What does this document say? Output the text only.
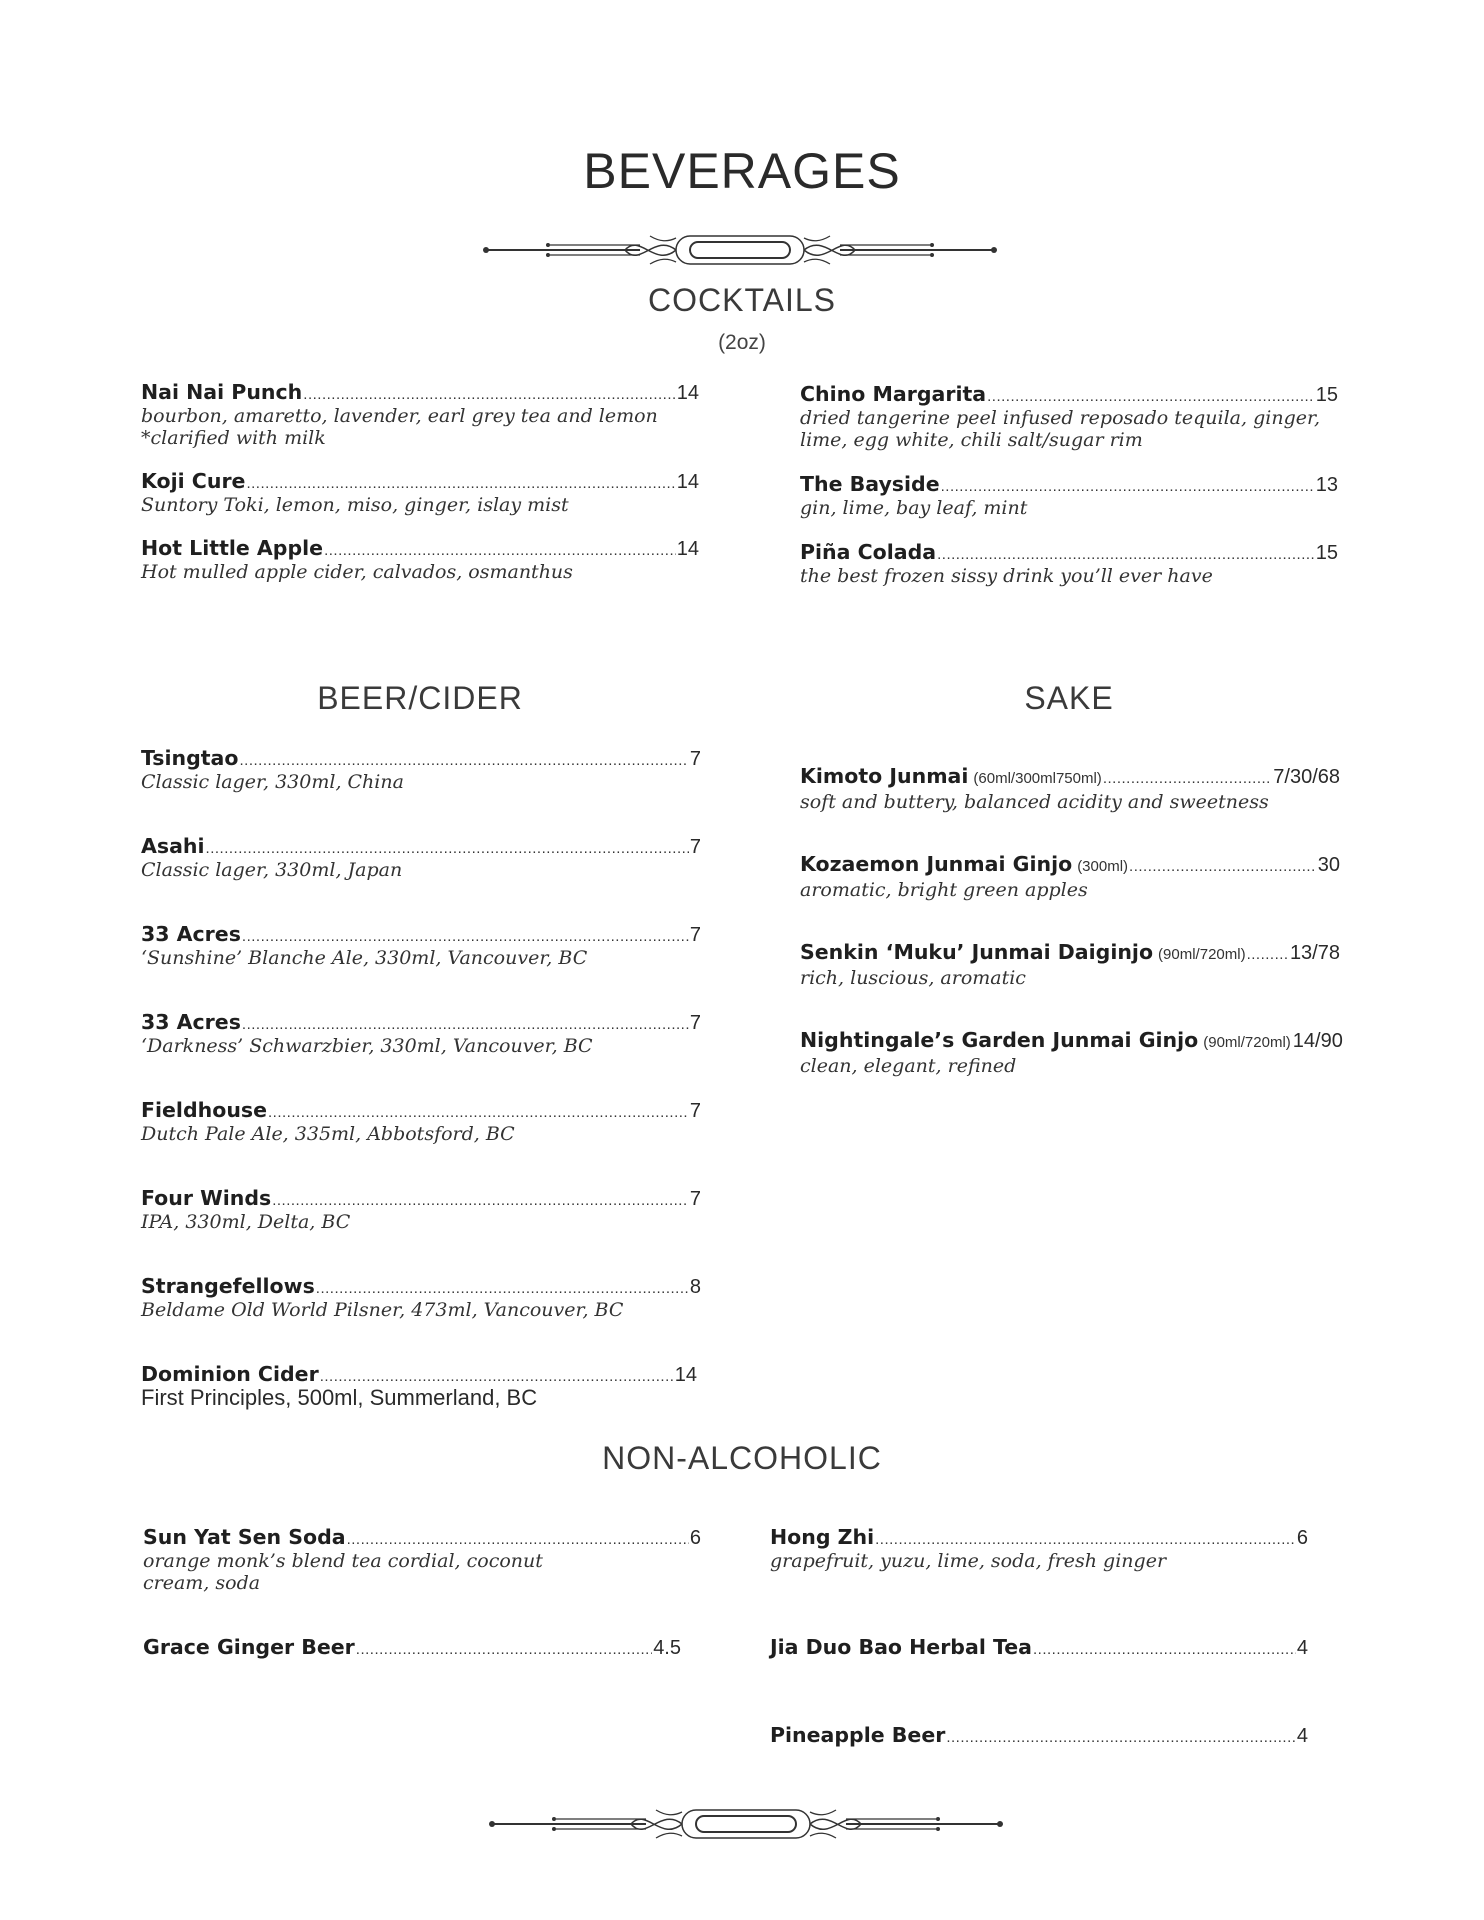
BEVERAGES
COCKTAILS
(2oz)
Nai Nai Punch .....	14
bourbon, amaretto, lavender, earl grey tea and lemon
*clarified with milk
Koji Cure .....	14
Suntory Toki, lemon, miso, ginger, islay mist
Hot Little Apple .....	14
Hot mulled apple cider, calvados, osmanthus
Chino Margarita .....	15
dried tangerine peel infused reposado tequila, ginger,
lime, egg white, chili salt/sugar rim
The Bayside .....	13
gin, lime, bay leaf, mint
Piña Colada .....	15
the best frozen sissy drink you’ll ever have
BEER/CIDER
Tsingtao .....	7
Classic lager, 330ml, China
Asahi .....	7
Classic lager, 330ml, Japan
33 Acres .....	7
‘Sunshine’ Blanche Ale, 330ml, Vancouver, BC
33 Acres .....	7
‘Darkness’ Schwarzbier, 330ml, Vancouver, BC
Fieldhouse .....	7
Dutch Pale Ale, 335ml, Abbotsford, BC
Four Winds .....	7
IPA, 330ml, Delta, BC
Strangefellows .....	8
Beldame Old World Pilsner, 473ml, Vancouver, BC
Dominion Cider .....	14
First Principles, 500ml, Summerland, BC
SAKE
Kimoto Junmai (60ml/300ml750ml) .....	7/30/68
soft and buttery, balanced acidity and sweetness
Kozaemon Junmai Ginjo (300ml) .....	30
aromatic, bright green apples
Senkin ‘Muku’ Junmai Daiginjo (90ml/720ml) ..... 13/78
rich, luscious, aromatic
Nightingale’s Garden Junmai Ginjo (90ml/720ml) 14/90
clean, elegant, refined
NON-ALCOHOLIC
Sun Yat Sen Soda .....	6
orange monk’s blend tea cordial, coconut
cream, soda
Grace Ginger Beer .....	4.5
Hong Zhi .....	6
grapefruit, yuzu, lime, soda, fresh ginger
Jia Duo Bao Herbal Tea .....	4
Pineapple Beer .....	4
